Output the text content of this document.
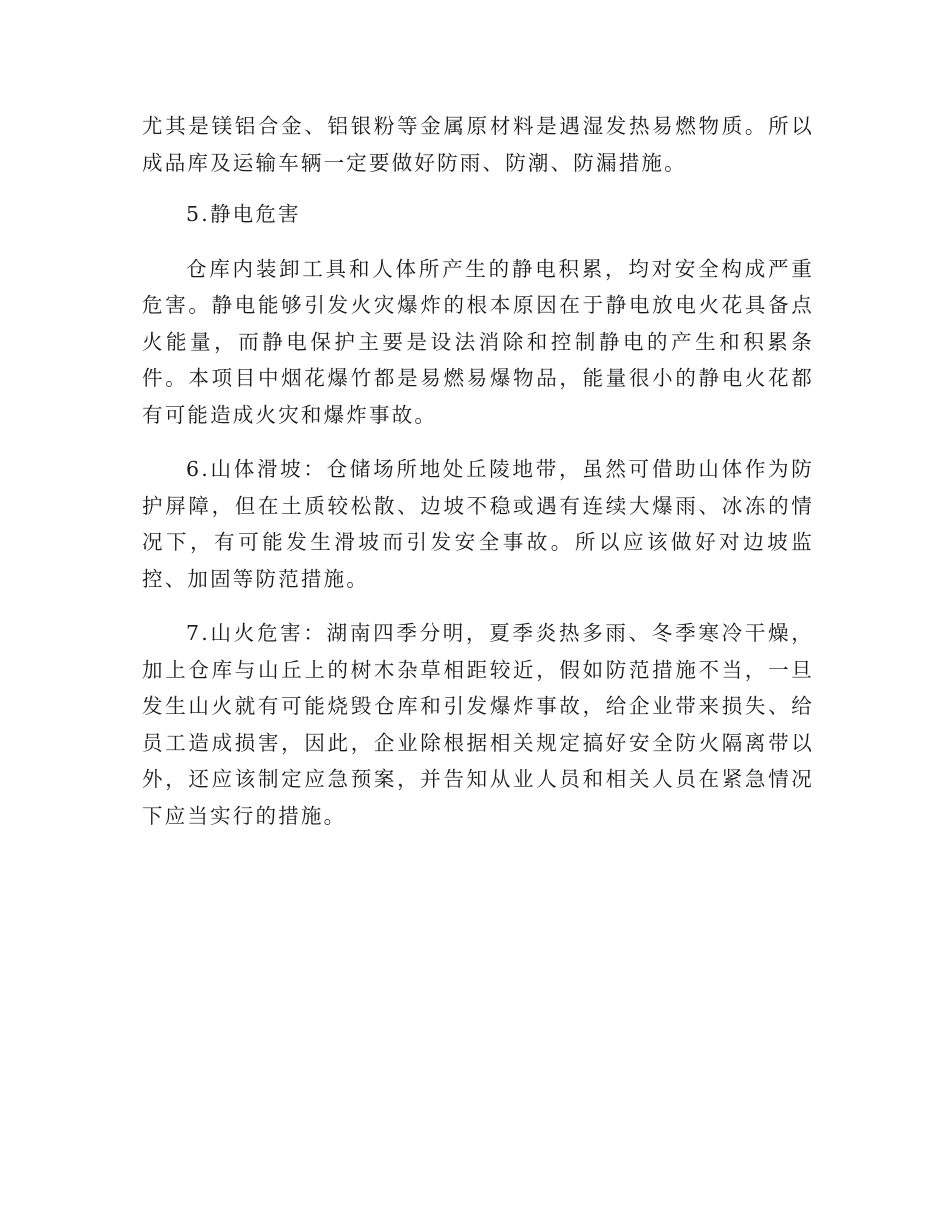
尤其是镁铝合金、铝银粉等金属原材料是遇湿发热易燃物质。所以成品库及运输车辆一定要做好防雨、防潮、防漏措施。

5.静电危害

仓库内装卸工具和人体所产生的静电积累，均对安全构成严重危害。静电能够引发火灾爆炸的根本原因在于静电放电火花具备点火能量，而静电保护主要是设法消除和控制静电的产生和积累条件。本项目中烟花爆竹都是易燃易爆物品，能量很小的静电火花都有可能造成火灾和爆炸事故。

6.山体滑坡：仓储场所地处丘陵地带，虽然可借助山体作为防护屏障，但在土质较松散、边坡不稳或遇有连续大爆雨、冰冻的情况下，有可能发生滑坡而引发安全事故。所以应该做好对边坡监控、加固等防范措施。

7.山火危害：湖南四季分明，夏季炎热多雨、冬季寒冷干燥，加上仓库与山丘上的树木杂草相距较近，假如防范措施不当，一旦发生山火就有可能烧毁仓库和引发爆炸事故，给企业带来损失、给员工造成损害，因此，企业除根据相关规定搞好安全防火隔离带以外，还应该制定应急预案，并告知从业人员和相关人员在紧急情况下应当实行的措施。
